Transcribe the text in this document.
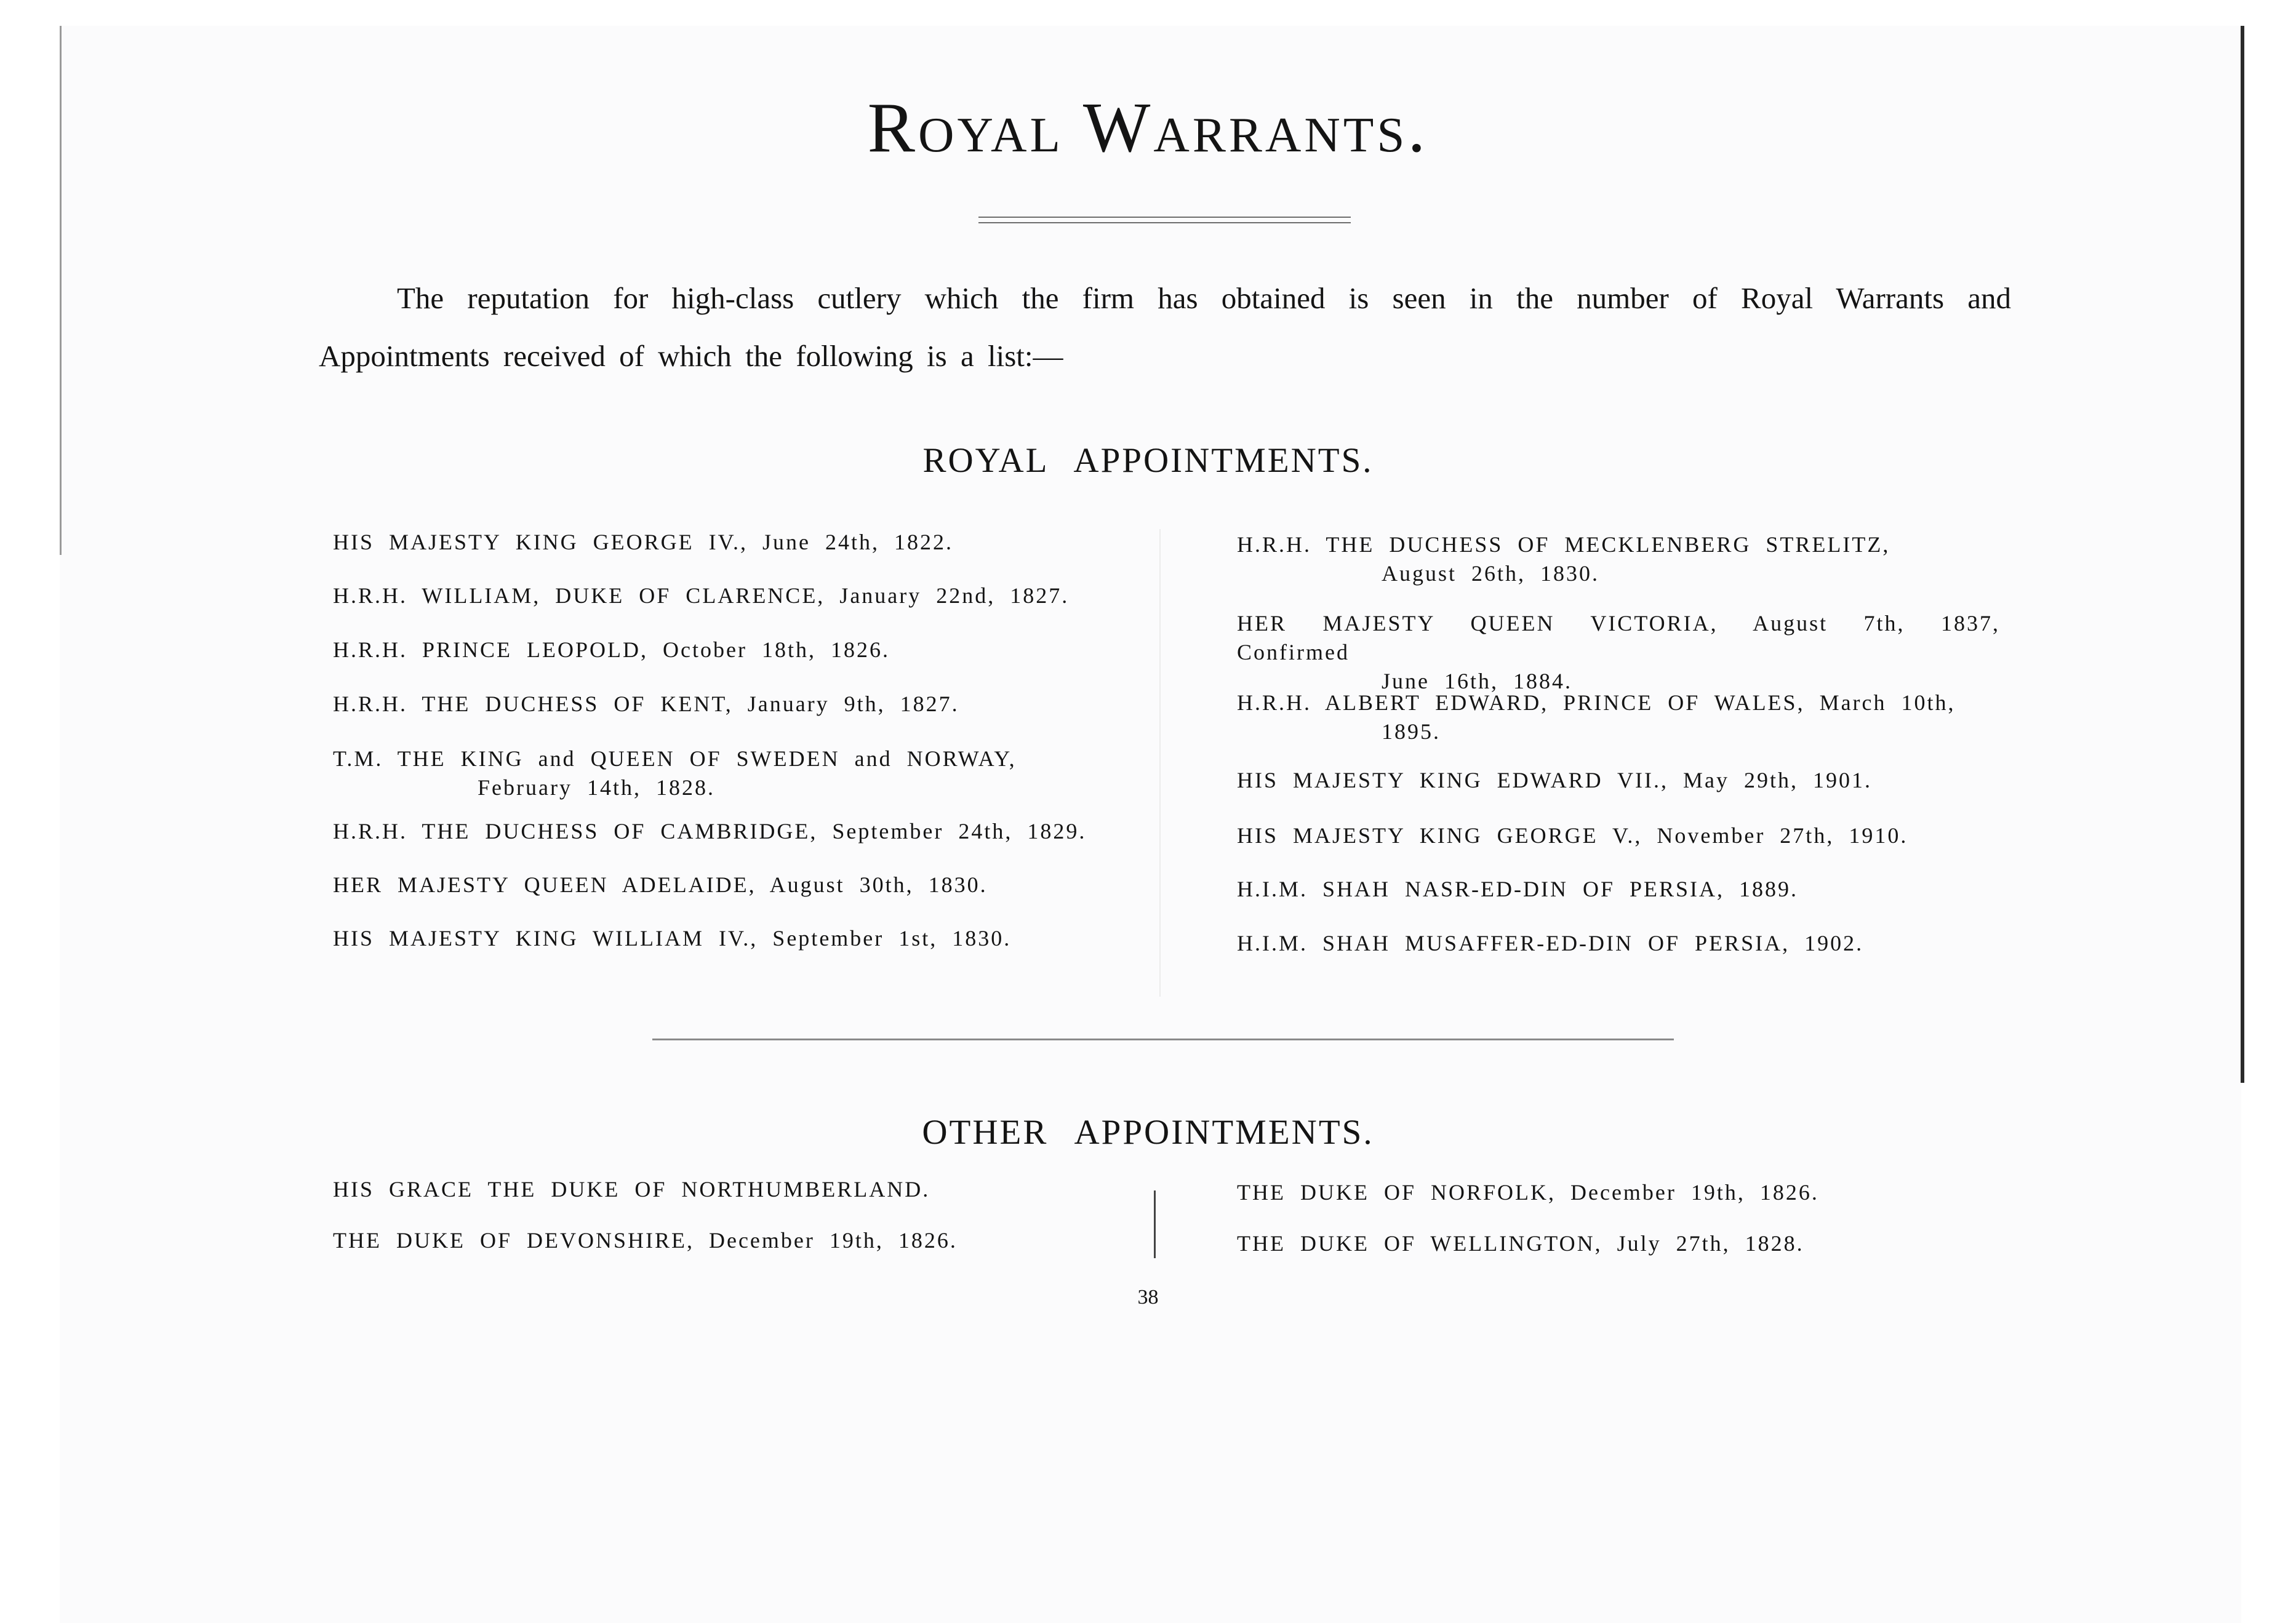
Royal Warrants.

The reputation for high-class cutlery which the firm has obtained is seen in the number of Royal Warrants and Appointments received of which the following is a list:—

ROYAL APPOINTMENTS.
HIS MAJESTY KING GEORGE IV., June 24th, 1822.
H.R.H. WILLIAM, DUKE OF CLARENCE, January 22nd, 1827.
H.R.H. PRINCE LEOPOLD, October 18th, 1826.
H.R.H. THE DUCHESS OF KENT, January 9th, 1827.
T.M. THE KING and QUEEN OF SWEDEN and NORWAY,
February 14th, 1828.
H.R.H. THE DUCHESS OF CAMBRIDGE, September 24th, 1829.
HER MAJESTY QUEEN ADELAIDE, August 30th, 1830.
HIS MAJESTY KING WILLIAM IV., September 1st, 1830.
H.R.H. THE DUCHESS OF MECKLENBERG STRELITZ,
August 26th, 1830.
HER MAJESTY QUEEN VICTORIA, August 7th, 1837, Confirmed
June 16th, 1884.
H.R.H. ALBERT EDWARD, PRINCE OF WALES, March 10th,
1895.
HIS MAJESTY KING EDWARD VII., May 29th, 1901.
HIS MAJESTY KING GEORGE V., November 27th, 1910.
H.I.M. SHAH NASR-ED-DIN OF PERSIA, 1889.
H.I.M. SHAH MUSAFFER-ED-DIN OF PERSIA, 1902.
OTHER APPOINTMENTS.
HIS GRACE THE DUKE OF NORTHUMBERLAND.
THE DUKE OF DEVONSHIRE, December 19th, 1826.
THE DUKE OF NORFOLK, December 19th, 1826.
THE DUKE OF WELLINGTON, July 27th, 1828.
38
